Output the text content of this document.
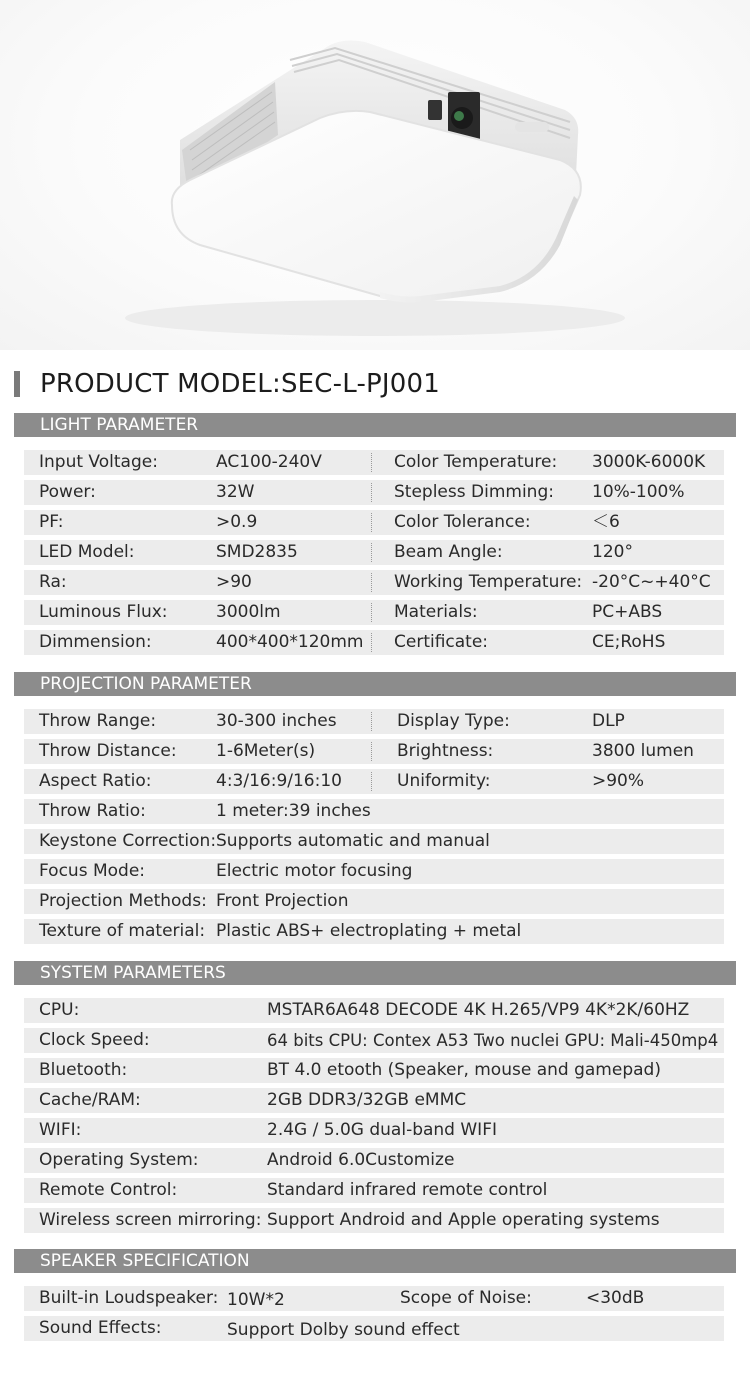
PRODUCT MODEL:SEC-L-PJ001
LIGHT PARAMETER
Input Voltage:	AC100-240V	Color Temperature: 3000K-6000K
Power:	32W	Stepless Dimming: 10%-100%
PF:	>0.9	Color Tolerance:	＜6
LED Model:	SMD2835	Beam Angle:	120°
Ra:	>90	Working Temperature: -20°C~+40°C
Luminous Flux:	3000lm	Materials:	PC+ABS
Dimmension:	400*400*120mm Certificate:	CE;RoHS
PROJECTION PARAMETER
Throw Range:	30-300 inches	Display Type:	DLP
Throw Distance: 1-6Meter(s)	Brightness:	3800 lumen
Aspect Ratio:	4:3/16:9/16:10	Uniformity:	>90%
Throw Ratio:	1 meter:39 inches
Keystone Correction: Supports automatic and manual
Focus Mode:	Electric motor focusing
Projection Methods: Front Projection
Texture of material: Plastic ABS+ electroplating + metal
SYSTEM PARAMETERS
CPU:	MSTAR6A648 DECODE 4K H.265/VP9 4K*2K/60HZ
Clock Speed:	64 bits CPU: Contex A53 Two nuclei GPU: Mali-450mp4
Bluetooth:	BT 4.0 etooth (Speaker, mouse and gamepad)
Cache/RAM:	2GB DDR3/32GB eMMC
WIFI:	2.4G / 5.0G dual-band WIFI
Operating System:	Android 6.0Customize
Remote Control:	Standard infrared remote control
Wireless screen mirroring: Support Android and Apple operating systems
SPEAKER SPECIFICATION
Built-in Loudspeaker: 10W*2	Scope of Noise:	<30dB
Sound Effects:	Support Dolby sound effect
